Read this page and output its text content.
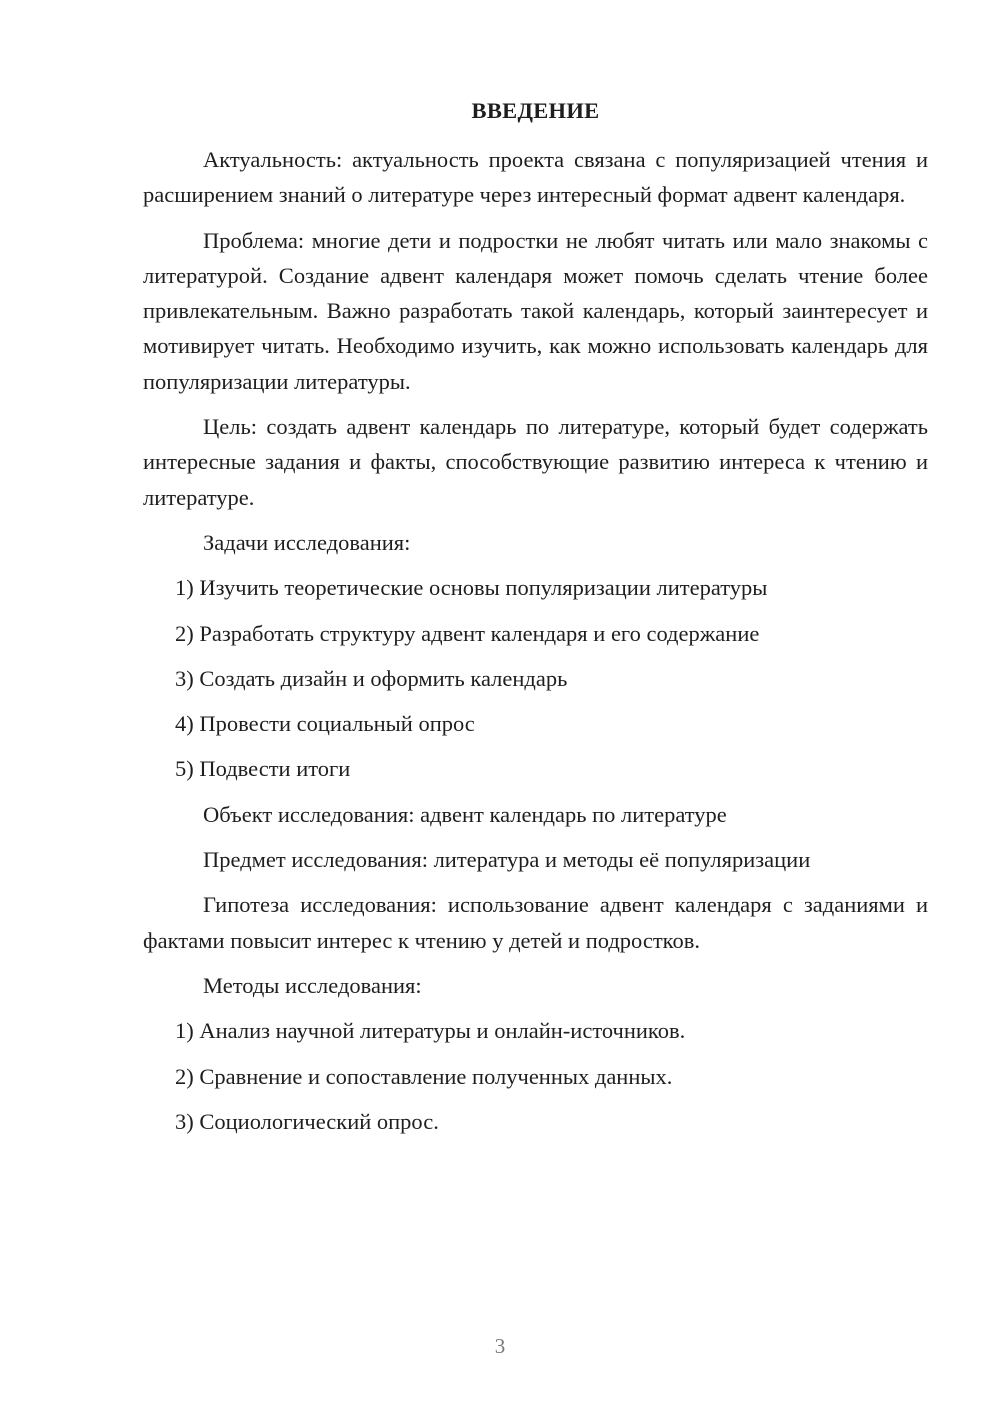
ВВЕДЕНИЕ

Актуальность: актуальность проекта связана с популяризацией чтения и расширением знаний о литературе через интересный формат адвент календаря.

Проблема: многие дети и подростки не любят читать или мало знакомы с литературой. Создание адвент календаря может помочь сделать чтение более привлекательным. Важно разработать такой календарь, который заинтересует и мотивирует читать. Необходимо изучить, как можно использовать календарь для популяризации литературы.

Цель: создать адвент календарь по литературе, который будет содержать интересные задания и факты, способствующие развитию интереса к чтению и литературе.

Задачи исследования:
1) Изучить теоретические основы популяризации литературы
2) Разработать структуру адвент календаря и его содержание
3) Создать дизайн и оформить календарь
4) Провести социальный опрос
5) Подвести итоги
Объект исследования: адвент календарь по литературе
Предмет исследования: литература и методы её популяризации

Гипотеза исследования: использование адвент календаря с заданиями и фактами повысит интерес к чтению у детей и подростков.

Методы исследования:
1) Анализ научной литературы и онлайн-источников.
2) Сравнение и сопоставление полученных данных.
3) Социологический опрос.
3
